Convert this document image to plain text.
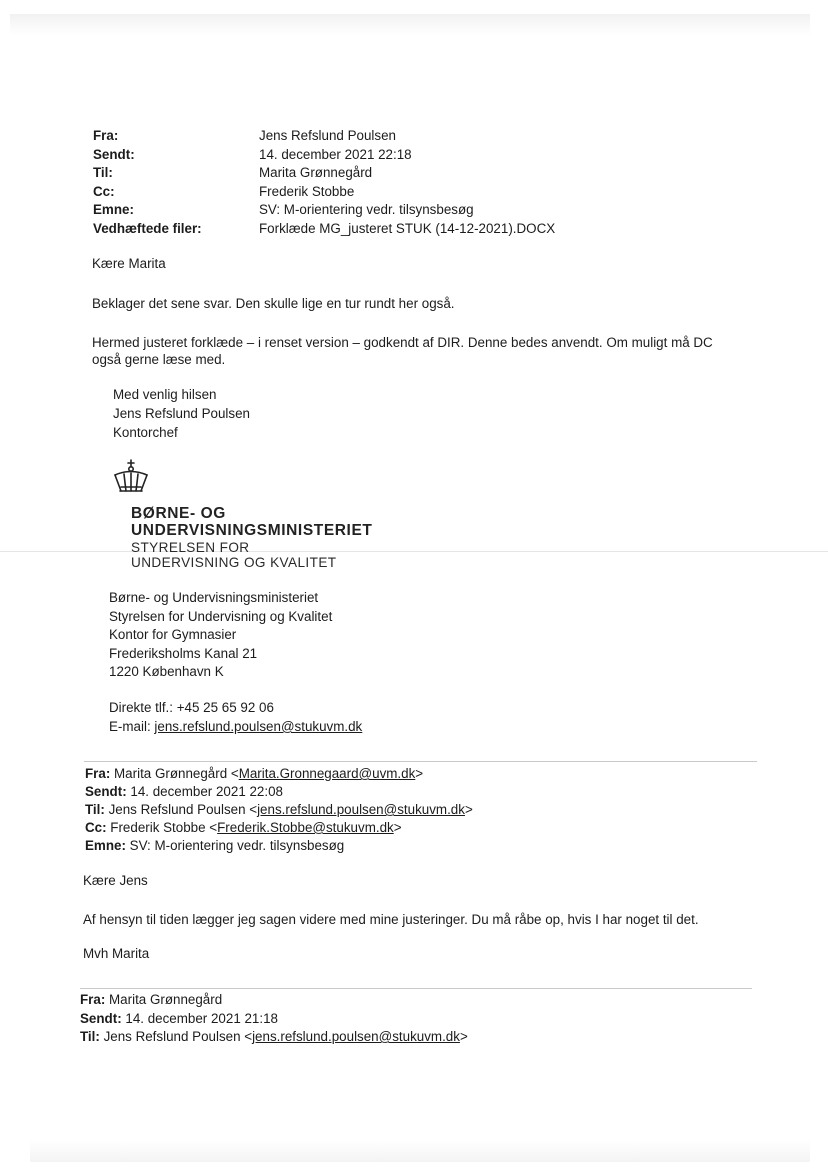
Fra:	Jens Refslund Poulsen
Sendt:	14. december 2021 22:18
Til:	Marita Grønnegård
Cc:	Frederik Stobbe
Emne:	SV: M-orientering vedr. tilsynsbesøg
Vedhæftede filer:	Forklæde MG_justeret STUK (14-12-2021).DOCX

Kære Marita

Beklager det sene svar. Den skulle lige en tur rundt her også.

Hermed justeret forklæde – i renset version – godkendt af DIR. Denne bedes anvendt. Om muligt må DC

også gerne læse med.

Med venlig hilsen

Jens Refslund Poulsen

Kontorchef

BØRNE- OG
UNDERVISNINGSMINISTERIET
STYRELSEN FOR
UNDERVISNING OG KVALITET

Børne- og Undervisningsministeriet

Styrelsen for Undervisning og Kvalitet

Kontor for Gymnasier

Frederiksholms Kanal 21

1220 København K

Direkte tlf.: +45 25 65 92 06

E-mail: jens.refslund.poulsen@stukuvm.dk

Fra: Marita Grønnegård <Marita.Gronnegaard@uvm.dk>

Sendt: 14. december 2021 22:08

Til: Jens Refslund Poulsen <jens.refslund.poulsen@stukuvm.dk>

Cc: Frederik Stobbe <Frederik.Stobbe@stukuvm.dk>

Emne: SV: M-orientering vedr. tilsynsbesøg

Kære Jens

Af hensyn til tiden lægger jeg sagen videre med mine justeringer. Du må råbe op, hvis I har noget til det.

Mvh Marita

Fra: Marita Grønnegård

Sendt: 14. december 2021 21:18

Til: Jens Refslund Poulsen <jens.refslund.poulsen@stukuvm.dk>
